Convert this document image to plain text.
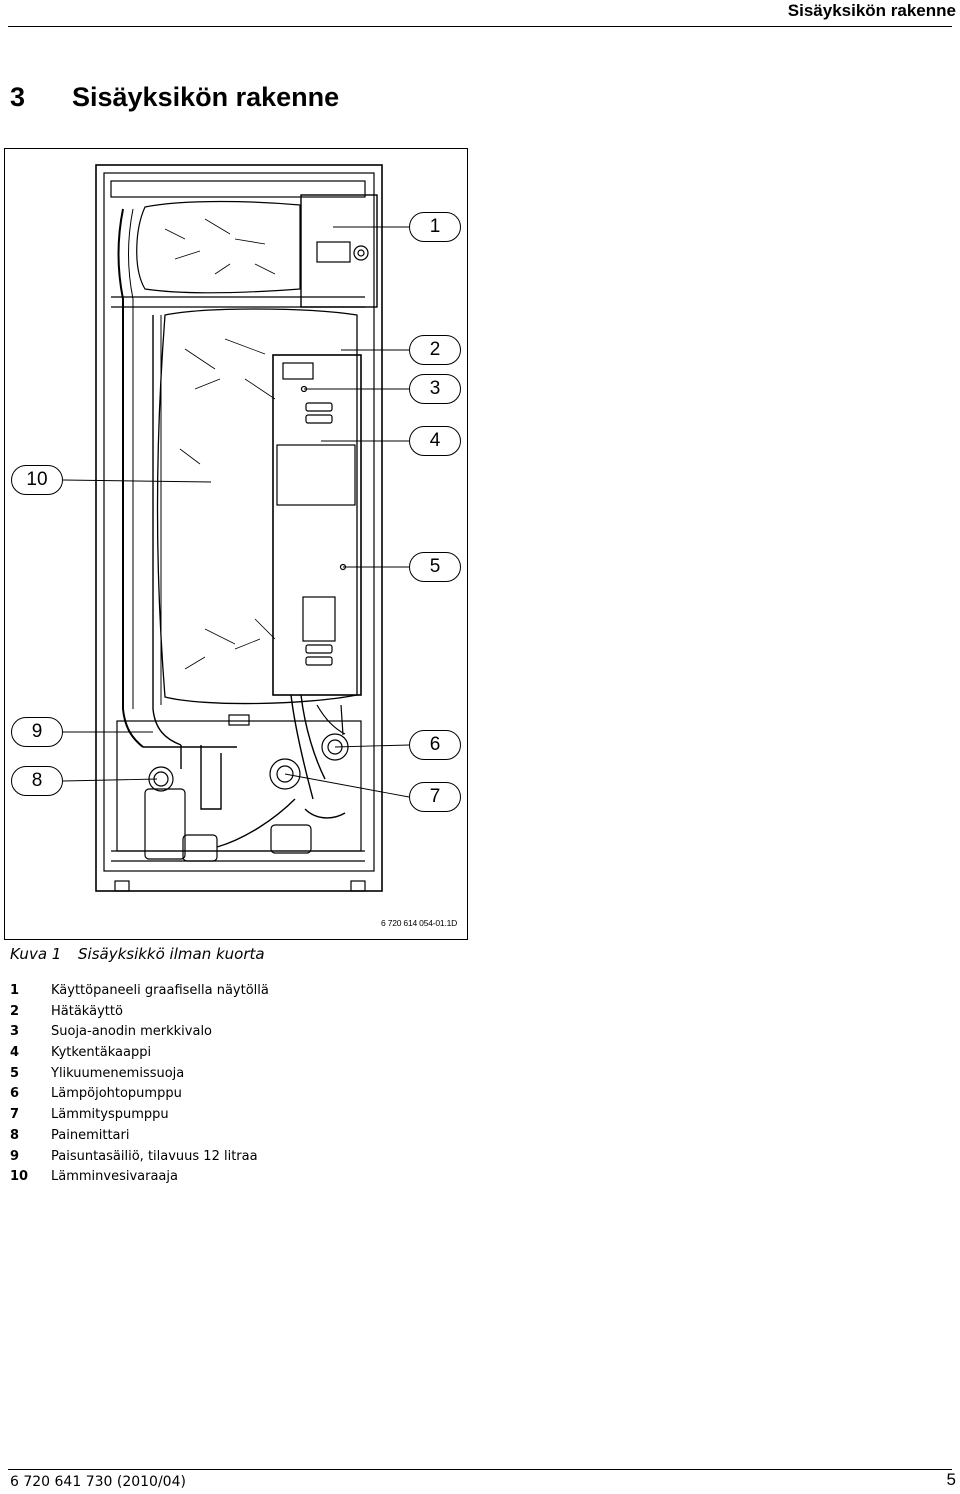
Sisäyksikön rakenne
3 Sisäyksikön rakenne
6 720 614 054-01.1D
1
2
3
4
5
6
7
8
9
10
Kuva 1 Sisäyksikkö ilman kuorta
1 Käyttöpaneeli graafisella näytöllä
2 Hätäkäyttö
3 Suoja-anodin merkkivalo
4 Kytkentäkaappi
5 Ylikuumenemissuoja
6 Lämpöjohtopumppu
7 Lämmityspumppu
8 Painemittari
9 Paisuntasäiliö, tilavuus 12 litraa
10 Lämminvesivaraaja
6 720 641 730 (2010/04)	5
